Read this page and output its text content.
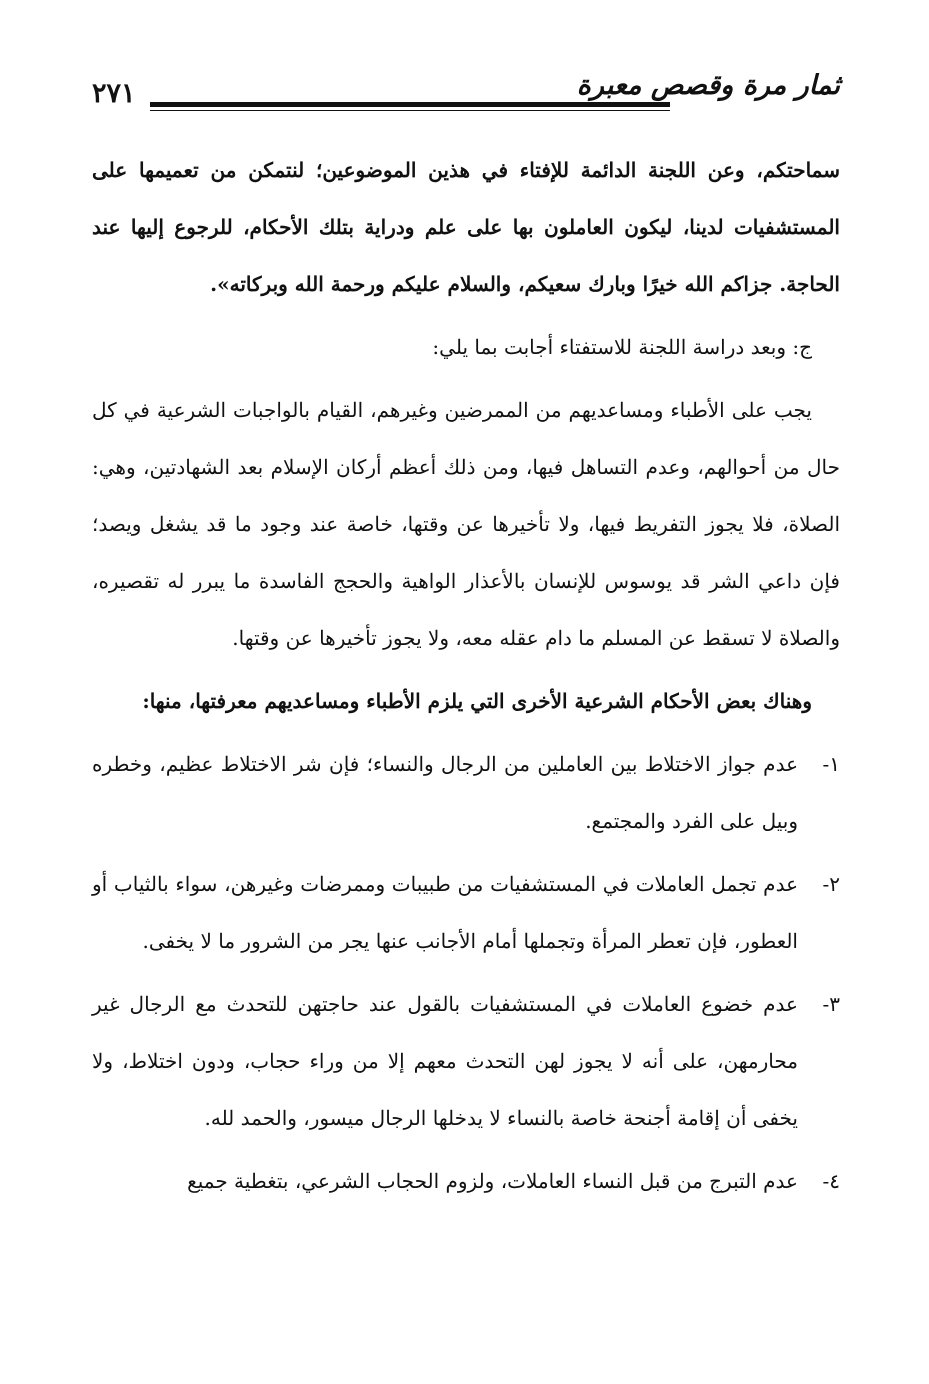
ثمار مرة وقصص معبرة
٢٧١

سماحتكم، وعن اللجنة الدائمة للإفتاء في هذين الموضوعين؛ لنتمكن من تعميمها على المستشفيات لدينا، ليكون العاملون بها على علم ودراية بتلك الأحكام، للرجوع إليها عند الحاجة. جزاكم الله خيرًا وبارك سعيكم، والسلام عليكم ورحمة الله وبركاته».

ج: وبعد دراسة اللجنة للاستفتاء أجابت بما يلي:

يجب على الأطباء ومساعديهم من الممرضين وغيرهم، القيام بالواجبات الشرعية في كل حال من أحوالهم، وعدم التساهل فيها، ومن ذلك أعظم أركان الإسلام بعد الشهادتين، وهي: الصلاة، فلا يجوز التفريط فيها، ولا تأخيرها عن وقتها، خاصة عند وجود ما قد يشغل ويصد؛ فإن داعي الشر قد يوسوس للإنسان بالأعذار الواهية والحجج الفاسدة ما يبرر له تقصيره، والصلاة لا تسقط عن المسلم ما دام عقله معه، ولا يجوز تأخيرها عن وقتها.

وهناك بعض الأحكام الشرعية الأخرى التي يلزم الأطباء ومساعديهم معرفتها، منها:

١-
عدم جواز الاختلاط بين العاملين من الرجال والنساء؛ فإن شر الاختلاط عظيم، وخطره وبيل على الفرد والمجتمع.
٢-
عدم تجمل العاملات في المستشفيات من طبيبات وممرضات وغيرهن، سواء بالثياب أو العطور، فإن تعطر المرأة وتجملها أمام الأجانب عنها يجر من الشرور ما لا يخفى.
٣-
عدم خضوع العاملات في المستشفيات بالقول عند حاجتهن للتحدث مع الرجال غير محارمهن، على أنه لا يجوز لهن التحدث معهم إلا من وراء حجاب، ودون اختلاط، ولا يخفى أن إقامة أجنحة خاصة بالنساء لا يدخلها الرجال ميسور، والحمد لله.
٤-
عدم التبرج من قبل النساء العاملات، ولزوم الحجاب الشرعي، بتغطية جميع
